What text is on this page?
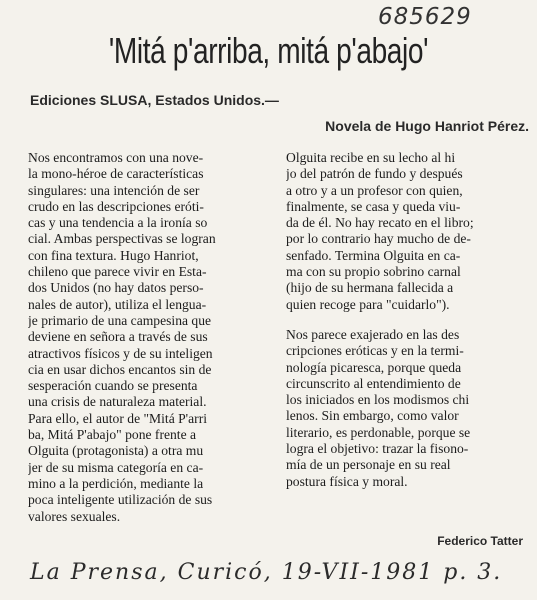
685629
'Mitá p'arriba, mitá p'abajo'
Ediciones SLUSA, Estados Unidos.—
Novela de Hugo Hanriot Pérez.
Nos encontramos con una nove-
la mono-héroe de características
singulares: una intención de ser
crudo en las descripciones eróti-
cas y una tendencia a la ironía so
cial. Ambas perspectivas se logran
con fina textura. Hugo Hanriot,
chileno que parece vivir en Esta-
dos Unidos (no hay datos perso-
nales de autor), utiliza el lengua-
je primario de una campesina que
deviene en señora a través de sus
atractivos físicos y de su inteligen
cia en usar dichos encantos sin de
sesperación cuando se presenta
una crisis de naturaleza material.
Para ello, el autor de "Mitá P'arri
ba, Mitá P'abajo" pone frente a
Olguita (protagonista) a otra mu
jer de su misma categoría en ca-
mino a la perdición, mediante la
poca inteligente utilización de sus
valores sexuales.
Olguita recibe en su lecho al hi
jo del patrón de fundo y después
a otro y a un profesor con quien,
finalmente, se casa y queda viu-
da de él. No hay recato en el libro;
por lo contrario hay mucho de de-
senfado. Termina Olguita en ca-
ma con su propio sobrino carnal
(hijo de su hermana fallecida a
quien recoge para "cuidarlo").
Nos parece exajerado en las des
cripciones eróticas y en la termi-
nología picaresca, porque queda
circunscrito al entendimiento de
los iniciados en los modismos chi
lenos. Sin embargo, como valor
literario, es perdonable, porque se
logra el objetivo: trazar la fisono-
mía de un personaje en su real
postura física y moral.
Federico Tatter
La Prensa, Curicó, 19-VII-1981 p. 3.
